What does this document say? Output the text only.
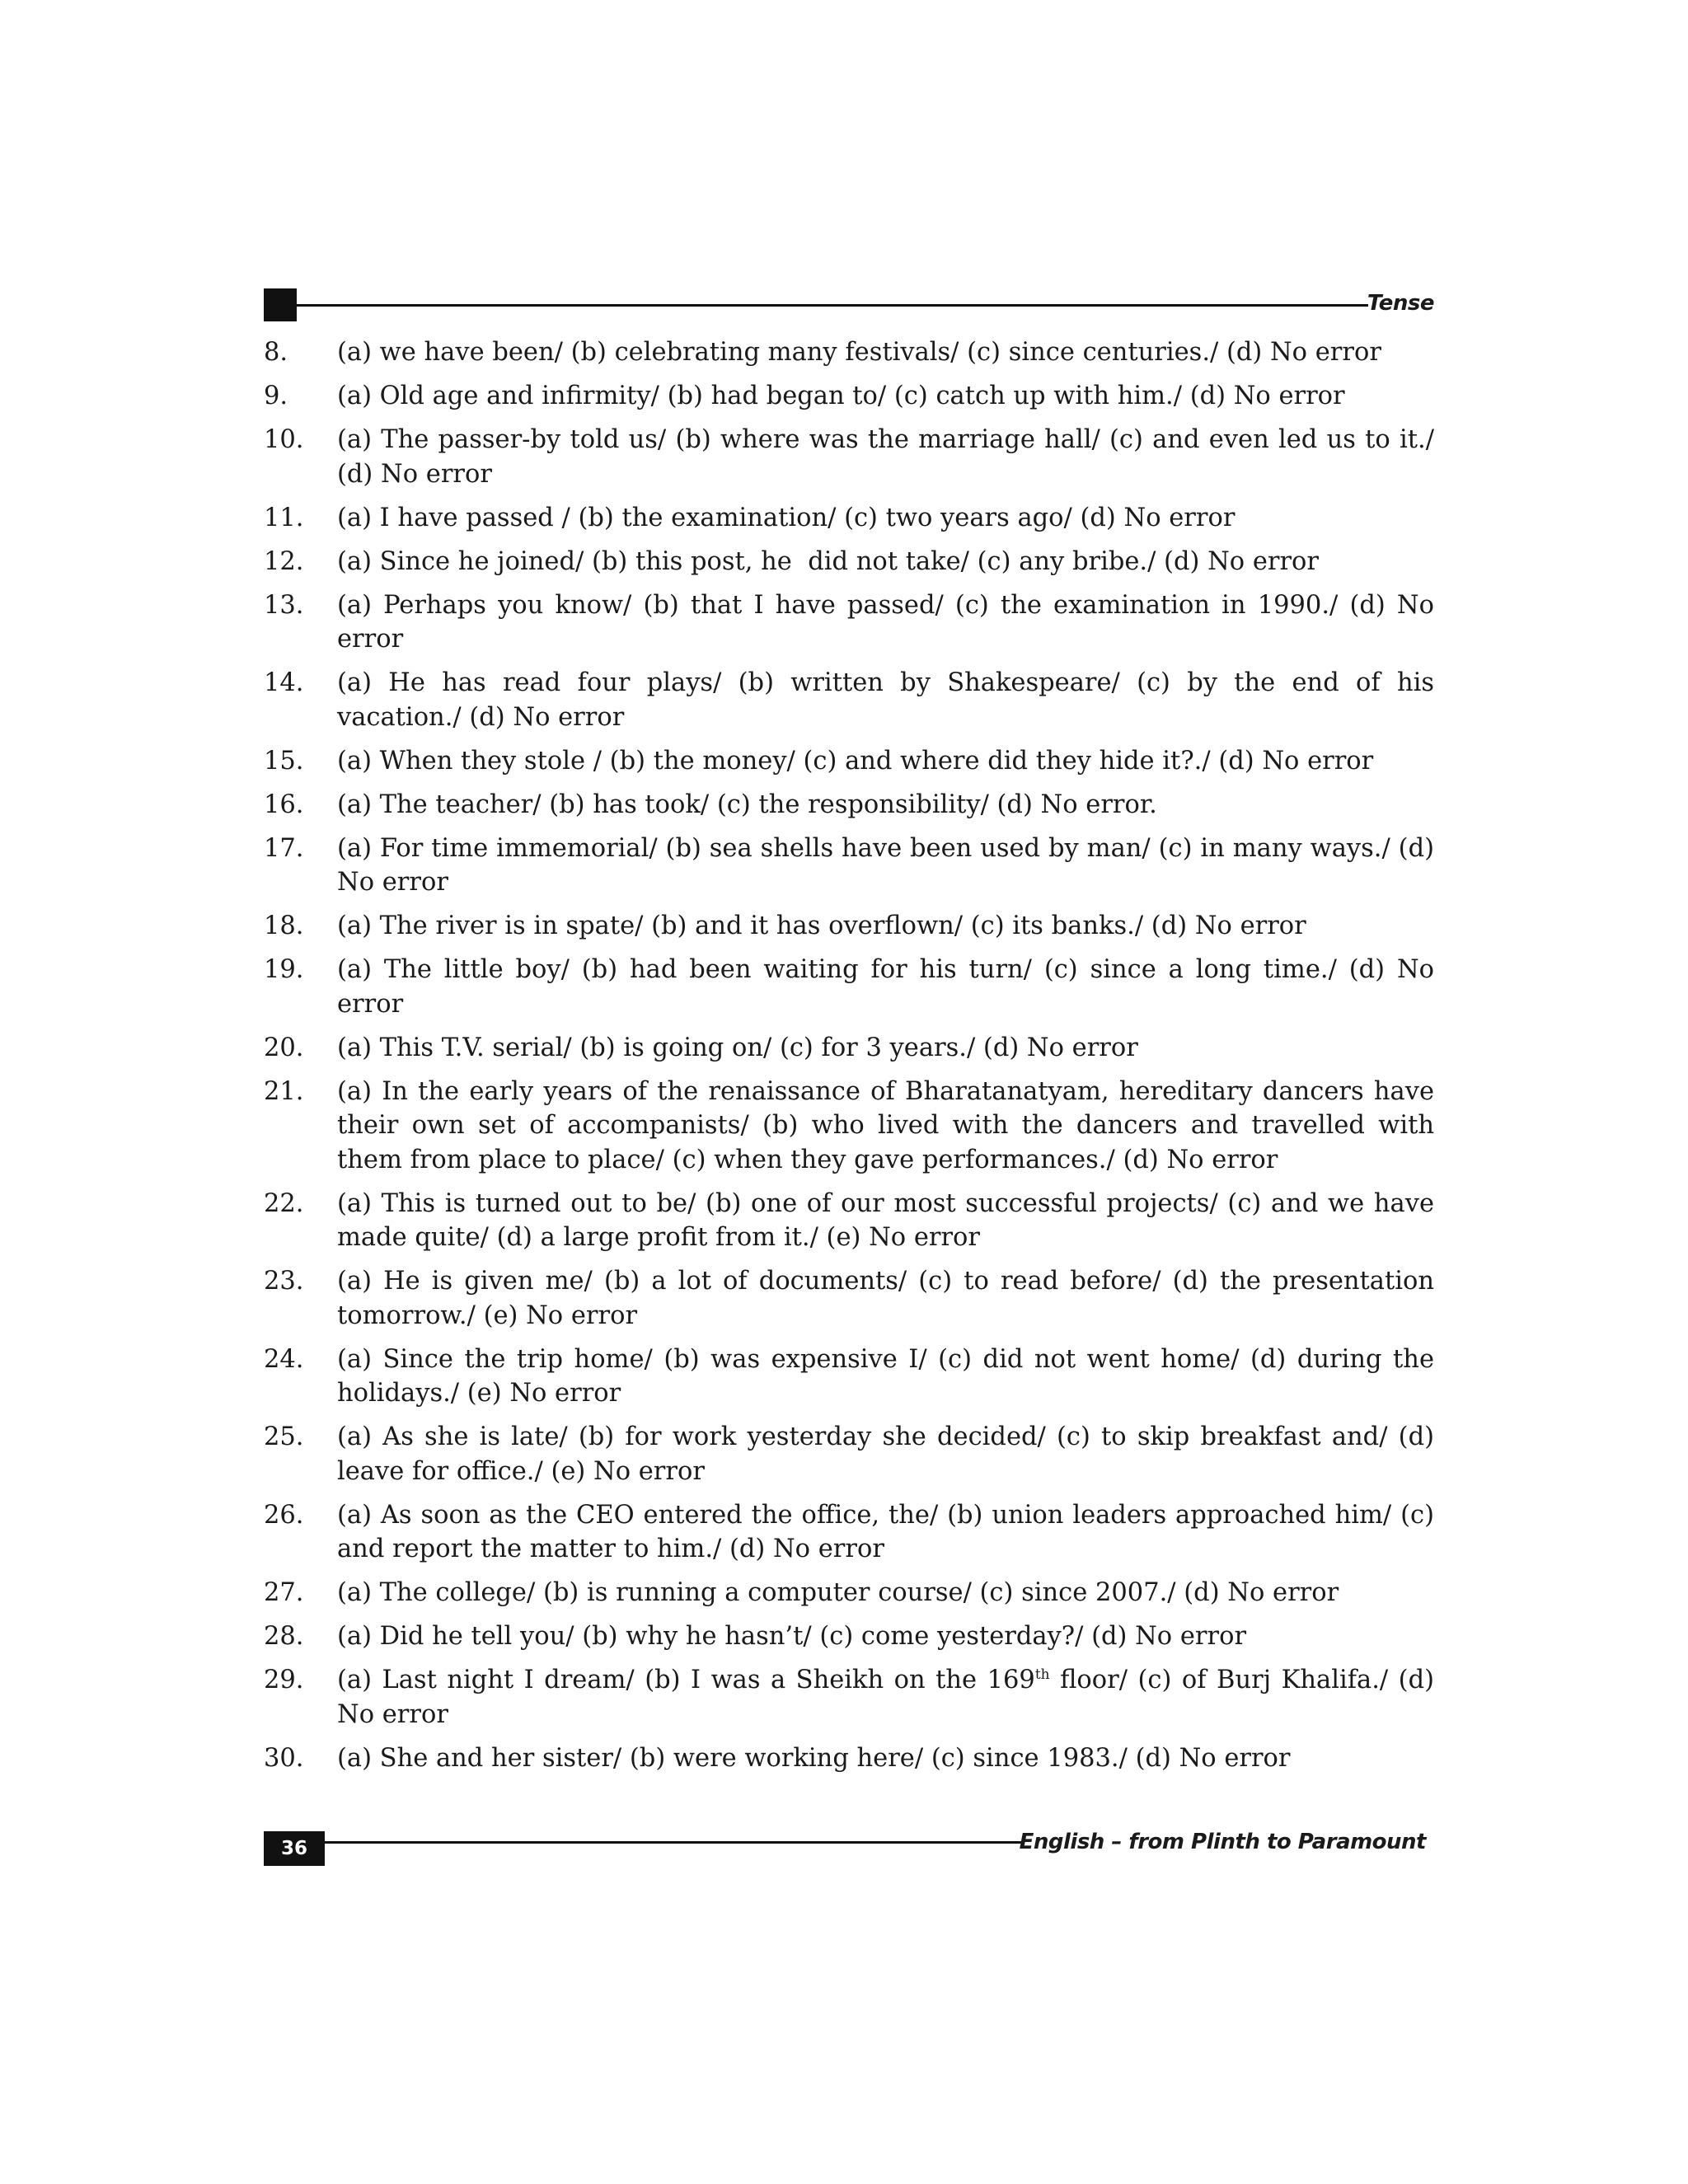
Tense
8.	(a) we have been/ (b) celebrating many festivals/ (c) since centuries./ (d) No error
9.	(a) Old age and infirmity/ (b) had began to/ (c) catch up with him./ (d) No error
10.	(a) The passer-by told us/ (b) where was the marriage hall/ (c) and even led us to it./ (d) No error
11.	(a) I have passed / (b) the examination/ (c) two years ago/ (d) No error
12.	(a) Since he joined/ (b) this post, he  did not take/ (c) any bribe./ (d) No error
13.	(a) Perhaps you know/ (b) that I have passed/ (c) the examination in 1990./ (d) No error
14.	(a) He has read four plays/ (b) written by Shakespeare/ (c) by the end of his vacation./ (d) No error
15.	(a) When they stole / (b) the money/ (c) and where did they hide it?./ (d) No error
16.	(a) The teacher/ (b) has took/ (c) the responsibility/ (d) No error.
17.	(a) For time immemorial/ (b) sea shells have been used by man/ (c) in many ways./ (d) No error
18.	(a) The river is in spate/ (b) and it has overflown/ (c) its banks./ (d) No error
19.	(a) The little boy/ (b) had been waiting for his turn/ (c) since a long time./ (d) No error
20.	(a) This T.V. serial/ (b) is going on/ (c) for 3 years./ (d) No error
21.	(a) In the early years of the renaissance of Bharatanatyam, hereditary dancers have their own set of accompanists/ (b) who lived with the dancers and travelled with them from place to place/ (c) when they gave performances./ (d) No error
22.	(a) This is turned out to be/ (b) one of our most successful projects/ (c) and we have made quite/ (d) a large profit from it./ (e) No error
23.	(a) He is given me/ (b) a lot of documents/ (c) to read before/ (d) the presentation tomorrow./ (e) No error
24.	(a) Since the trip home/ (b) was expensive I/ (c) did not went home/ (d) during the holidays./ (e) No error
25.	(a) As she is late/ (b) for work yesterday she decided/ (c) to skip breakfast and/ (d) leave for office./ (e) No error
26.	(a) As soon as the CEO entered the office, the/ (b) union leaders approached him/ (c) and report the matter to him./ (d) No error
27.	(a) The college/ (b) is running a computer course/ (c) since 2007./ (d) No error
28.	(a) Did he tell you/ (b) why he hasn’t/ (c) come yesterday?/ (d) No error
29.	(a) Last night I dream/ (b) I was a Sheikh on the 169th floor/ (c) of Burj Khalifa./ (d) No error
30.	(a) She and her sister/ (b) were working here/ (c) since 1983./ (d) No error
36	English – from Plinth to Paramount
